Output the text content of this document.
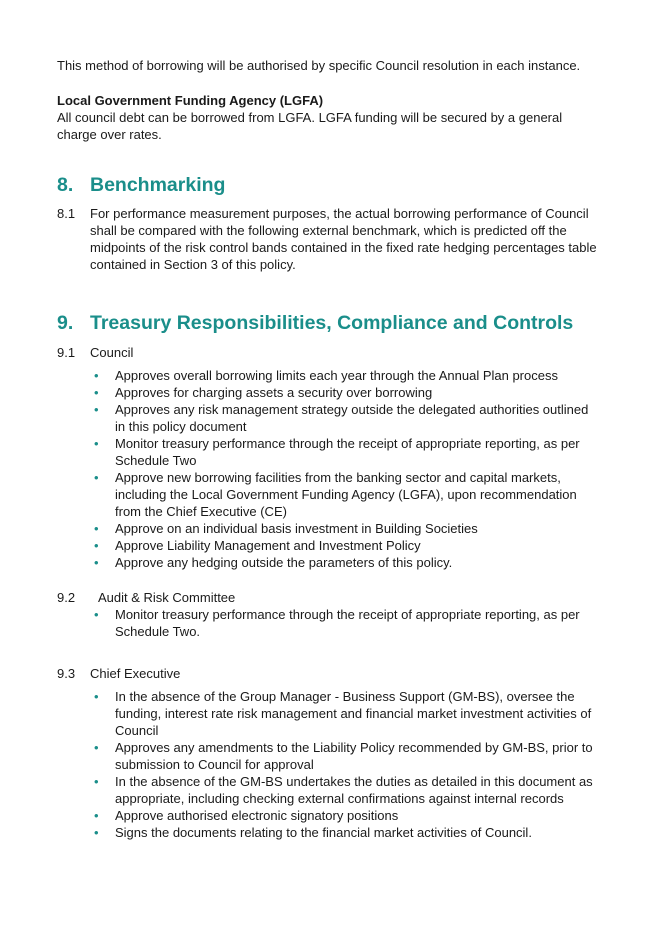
This method of borrowing will be authorised by specific Council resolution in each instance.

Local Government Funding Agency (LGFA)

All council debt can be borrowed from LGFA. LGFA funding will be secured by a general charge over rates.

8. Benchmarking
8.1 For performance measurement purposes, the actual borrowing performance of Council shall be compared with the following external benchmark, which is predicted off the midpoints of the risk control bands contained in the fixed rate hedging percentages table contained in Section 3 of this policy.

9. Treasury Responsibilities, Compliance and Controls
9.1 Council

• Approves overall borrowing limits each year through the Annual Plan process
• Approves for charging assets a security over borrowing
• Approves any risk management strategy outside the delegated authorities outlined in this policy document
• Monitor treasury performance through the receipt of appropriate reporting, as per Schedule Two
• Approve new borrowing facilities from the banking sector and capital markets, including the Local Government Funding Agency (LGFA), upon recommendation from the Chief Executive (CE)
• Approve on an individual basis investment in Building Societies
• Approve Liability Management and Investment Policy
• Approve any hedging outside the parameters of this policy.
9.2 Audit & Risk Committee

• Monitor treasury performance through the receipt of appropriate reporting, as per Schedule Two.
9.3 Chief Executive

• In the absence of the Group Manager - Business Support (GM-BS), oversee the funding, interest rate risk management and financial market investment activities of Council
• Approves any amendments to the Liability Policy recommended by GM-BS, prior to submission to Council for approval
• In the absence of the GM-BS undertakes the duties as detailed in this document as appropriate, including checking external confirmations against internal records
• Approve authorised electronic signatory positions
• Signs the documents relating to the financial market activities of Council.
